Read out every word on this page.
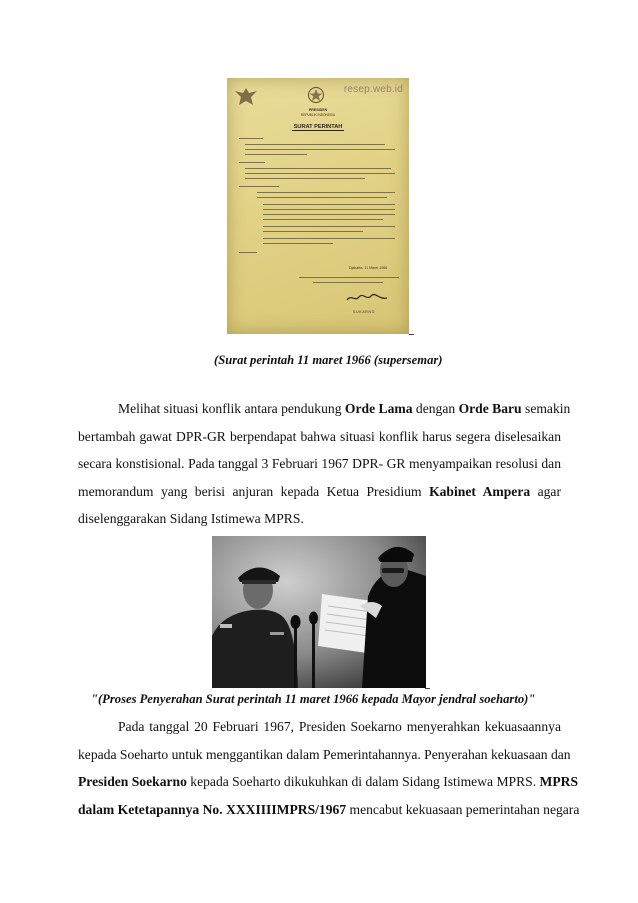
resep.web.id
PRESIDEN
REPUBLIK INDONESIA
SURAT PERINTAH
Djakarta, 11 Maret 1966
SUKARNO
(Surat perintah 11 maret 1966 (supersemar)
Melihat situasi konflik antara pendukung Orde Lama dengan Orde Baru semakin
bertambah gawat DPR-GR berpendapat bahwa situasi konflik harus segera diselesaikan
secara konstisional. Pada tanggal 3 Februari 1967 DPR- GR menyampaikan resolusi dan
memorandum yang berisi anjuran kepada Ketua Presidium Kabinet Ampera agar
diselenggarakan Sidang Istimewa MPRS.
"(Proses Penyerahan Surat perintah 11 maret 1966 kepada Mayor jendral soeharto)"
Pada tanggal 20 Februari 1967, Presiden Soekarno menyerahkan kekuasaannya
kepada Soeharto untuk menggantikan dalam Pemerintahannya. Penyerahan kekuasaan dan
Presiden Soekarno kepada Soeharto dikukuhkan di dalam Sidang Istimewa MPRS. MPRS
dalam Ketetapannya No. XXXIIIIMPRS/1967 mencabut kekuasaan pemerintahan negara
